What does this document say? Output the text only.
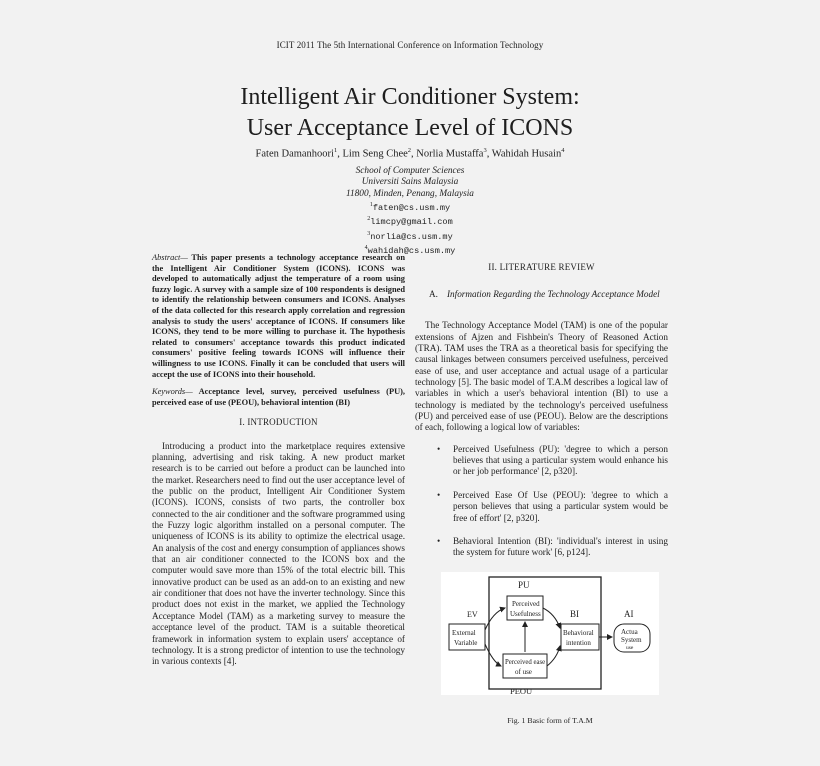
ICIT 2011 The 5th International Conference on Information Technology
Intelligent Air Conditioner System:
User Acceptance Level of ICONS
Faten Damanhoori$^1$, Lim Seng Chee$^2$, Norlia Mustaffa$^3$, Wahidah Husain$^4$
School of Computer Sciences
Universiti Sains Malaysia
11800, Minden, Penang, Malaysia
$^1$faten@cs.usm.my
$^2$limcpy@gmail.com
$^3$norlia@cs.usm.my
$^4$wahidah@cs.usm.my
Abstract— This paper presents a technology acceptance research on the Intelligent Air Conditioner System (ICONS). ICONS was developed to automatically adjust the temperature of a room using fuzzy logic. A survey with a sample size of 100 respondents is designed to identify the relationship between consumers and ICONS. Analyses of the data collected for this research apply correlation and regression analysis to study the users' acceptance of ICONS. If consumers like ICONS, they tend to be more willing to purchase it. The hypothesis related to consumers' acceptance towards this product indicated consumers' positive feeling towards ICONS will influence their willingness to use ICONS. Finally it can be concluded that users will accept the use of ICONS into their household.
Keywords— Acceptance level, survey, perceived usefulness (PU), perceived ease of use (PEOU), behavioral intention (BI)
I. INTRODUCTION

Introducing a product into the marketplace requires extensive planning, advertising and risk taking. A new product market research is to be carried out before a product can be launched into the market. Researchers need to find out the user acceptance level of the public on the product, Intelligent Air Conditioner System (ICONS). ICONS, consists of two parts, the controller box connected to the air conditioner and the software programmed using the Fuzzy logic algorithm installed on a personal computer. The uniqueness of ICONS is its ability to optimize the electrical usage. An analysis of the cost and energy consumption of appliances shows that an air conditioner connected to the ICONS box and the computer would save more than 15% of the total electric bill. This innovative product can be used as an add-on to an existing and new air conditioner that does not have the inverter technology. Since this product does not exist in the market, we applied the Technology Acceptance Model (TAM) as a marketing survey to measure the acceptance level of the product. TAM is a suitable theoretical framework in information system to explain users' acceptance of technology. It is a strong predictor of intention to use the technology in various contexts [4].

II. LITERATURE REVIEW
A. Information Regarding the Technology Acceptance Model

The Technology Acceptance Model (TAM) is one of the popular extensions of Ajzen and Fishbein's Theory of Reasoned Action (TRA). TAM uses the TRA as a theoretical basis for specifying the causal linkages between consumers perceived usefulness, perceived ease of use, and user acceptance and actual usage of a particular technology [5]. The basic model of T.A.M describes a logical law of variables in which a user's behavioral intention (BI) to use a technology is mediated by the technology's perceived usefulness (PU) and perceived ease of use (PEOU). Below are the descriptions of each, following a logical low of variables:

• Perceived Usefulness (PU): 'degree to which a person believes that using a particular system would enhance his or her job performance' [2, p320].
• Perceived Ease Of Use (PEOU): 'degree to which a person believes that using a particular system would be free of effort' [2, p320].
• Behavioral Intention (BI): 'individual's interest in using the system for future work' [6, p124].
PU
PEOU
EV	BI	AI
External
Variable
Perceived
Usefulness
Perceived ease
of use
Behavioral
intention
Actua
System
use
Fig. 1 Basic form of T.A.M
